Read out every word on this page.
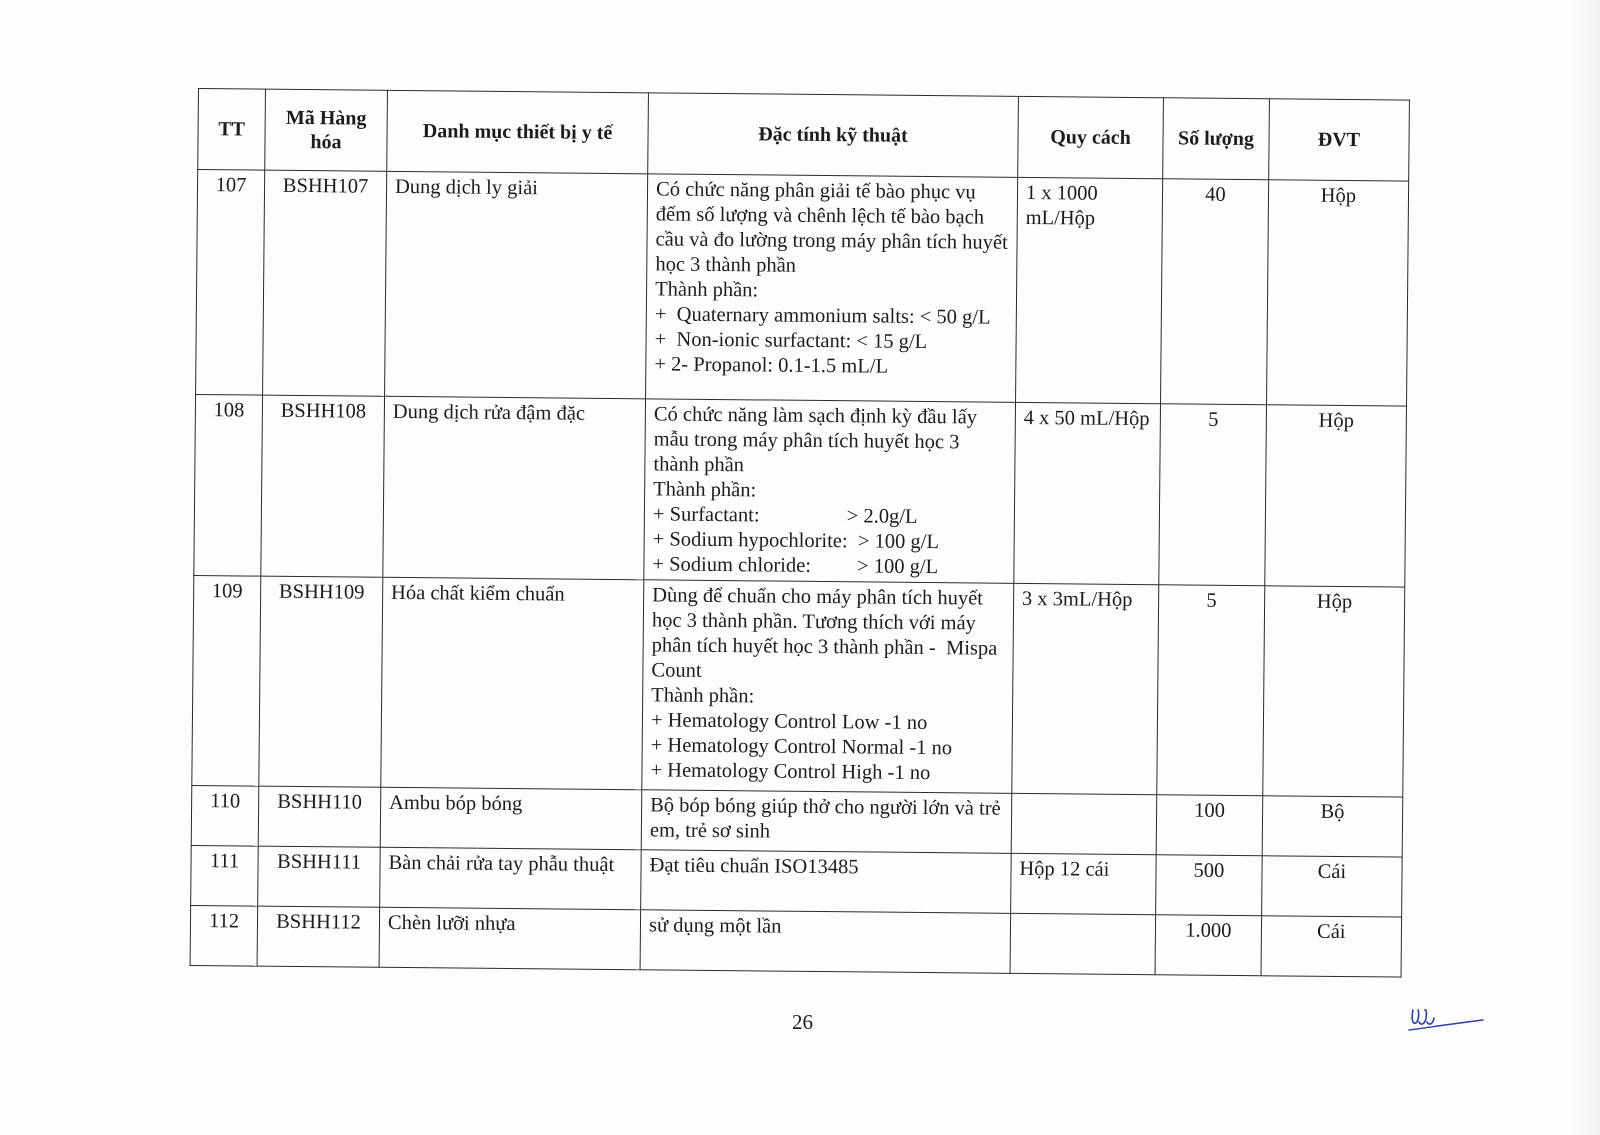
TT	Mã Hàng hóa	Danh mục thiết bị y tế	Đặc tính kỹ thuật	Quy cách	Số lượng	ĐVT
107	BSHH107	Dung dịch ly giải	Có chức năng phân giải tế bào phục vụ đếm số lượng và chênh lệch tế bào bạch cầu và đo lường trong máy phân tích huyết học 3 thành phần
Thành phần:
+  Quaternary ammonium salts: < 50 g/L
+  Non-ionic surfactant: < 15 g/L
+ 2- Propanol: 0.1-1.5 mL/L	1 x 1000 mL/Hộp	40	Hộp
108	BSHH108	Dung dịch rửa đậm đặc	Có chức năng làm sạch định kỳ đầu lấy mẫu trong máy phân tích huyết học 3 thành phần
Thành phần:
+ Surfactant:                 > 2.0g/L
+ Sodium hypochlorite:  > 100 g/L
+ Sodium chloride:         > 100 g/L	4 x 50 mL/Hộp	5	Hộp
109	BSHH109	Hóa chất kiểm chuẩn	Dùng để chuẩn cho máy phân tích huyết học 3 thành phần. Tương thích với máy phân tích huyết học 3 thành phần -  Mispa Count
Thành phần:
+ Hematology Control Low -1 no
+ Hematology Control Normal -1 no
+ Hematology Control High -1 no	3 x 3mL/Hộp	5	Hộp
110	BSHH110	Ambu bóp bóng	Bộ bóp bóng giúp thở cho người lớn và trẻ em, trẻ sơ sinh		100	Bộ
111	BSHH111	Bàn chải rửa tay phẫu thuật	Đạt tiêu chuẩn ISO13485	Hộp 12 cái	500	Cái
112	BSHH112	Chèn lưỡi nhựa	sử dụng một lần		1.000	Cái
26
